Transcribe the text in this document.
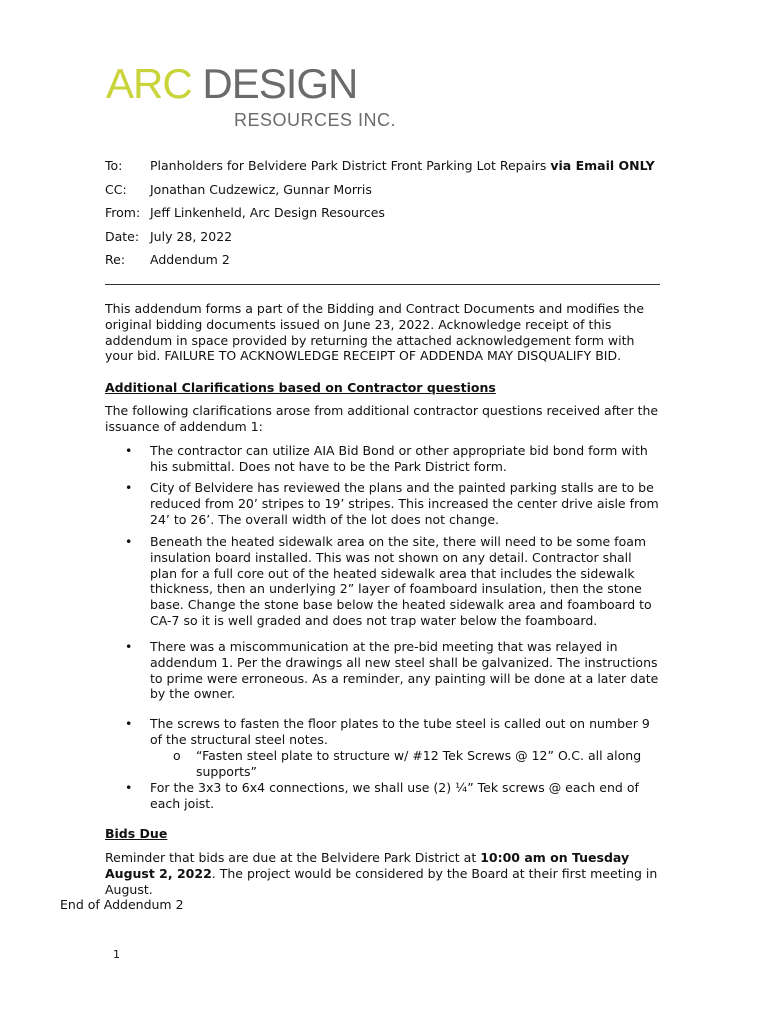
ARC DESIGN
RESOURCES INC.
To:	Planholders for Belvidere Park District Front Parking Lot Repairs via Email ONLY
CC:	Jonathan Cudzewicz, Gunnar Morris
From: Jeff Linkenheld, Arc Design Resources
Date: July 28, 2022
Re:	Addendum 2
This addendum forms a part of the Bidding and Contract Documents and modifies the original bidding documents issued on June 23, 2022. Acknowledge receipt of this addendum in space provided by returning the attached acknowledgement form with your bid. FAILURE TO ACKNOWLEDGE RECEIPT OF ADDENDA MAY DISQUALIFY BID.
Additional Clarifications based on Contractor questions
The following clarifications arose from additional contractor questions received after the issuance of addendum 1:
• The contractor can utilize AIA Bid Bond or other appropriate bid bond form with his submittal. Does not have to be the Park District form.
• City of Belvidere has reviewed the plans and the painted parking stalls are to be reduced from 20’ stripes to 19’ stripes. This increased the center drive aisle from 24’ to 26’. The overall width of the lot does not change.
• Beneath the heated sidewalk area on the site, there will need to be some foam insulation board installed. This was not shown on any detail. Contractor shall plan for a full core out of the heated sidewalk area that includes the sidewalk thickness, then an underlying 2” layer of foamboard insulation, then the stone base. Change the stone base below the heated sidewalk area and foamboard to CA-7 so it is well graded and does not trap water below the foamboard.
• There was a miscommunication at the pre-bid meeting that was relayed in addendum 1. Per the drawings all new steel shall be galvanized. The instructions to prime were erroneous. As a reminder, any painting will be done at a later date by the owner.
• The screws to fasten the floor plates to the tube steel is called out on number 9 of the structural steel notes.
o “Fasten steel plate to structure w/ #12 Tek Screws @ 12” O.C. all along supports”
• For the 3x3 to 6x4 connections, we shall use (2) ¼” Tek screws @ each end of each joist.
Bids Due
Reminder that bids are due at the Belvidere Park District at 10:00 am on Tuesday August 2, 2022. The project would be considered by the Board at their first meeting in August.
End of Addendum 2
1
